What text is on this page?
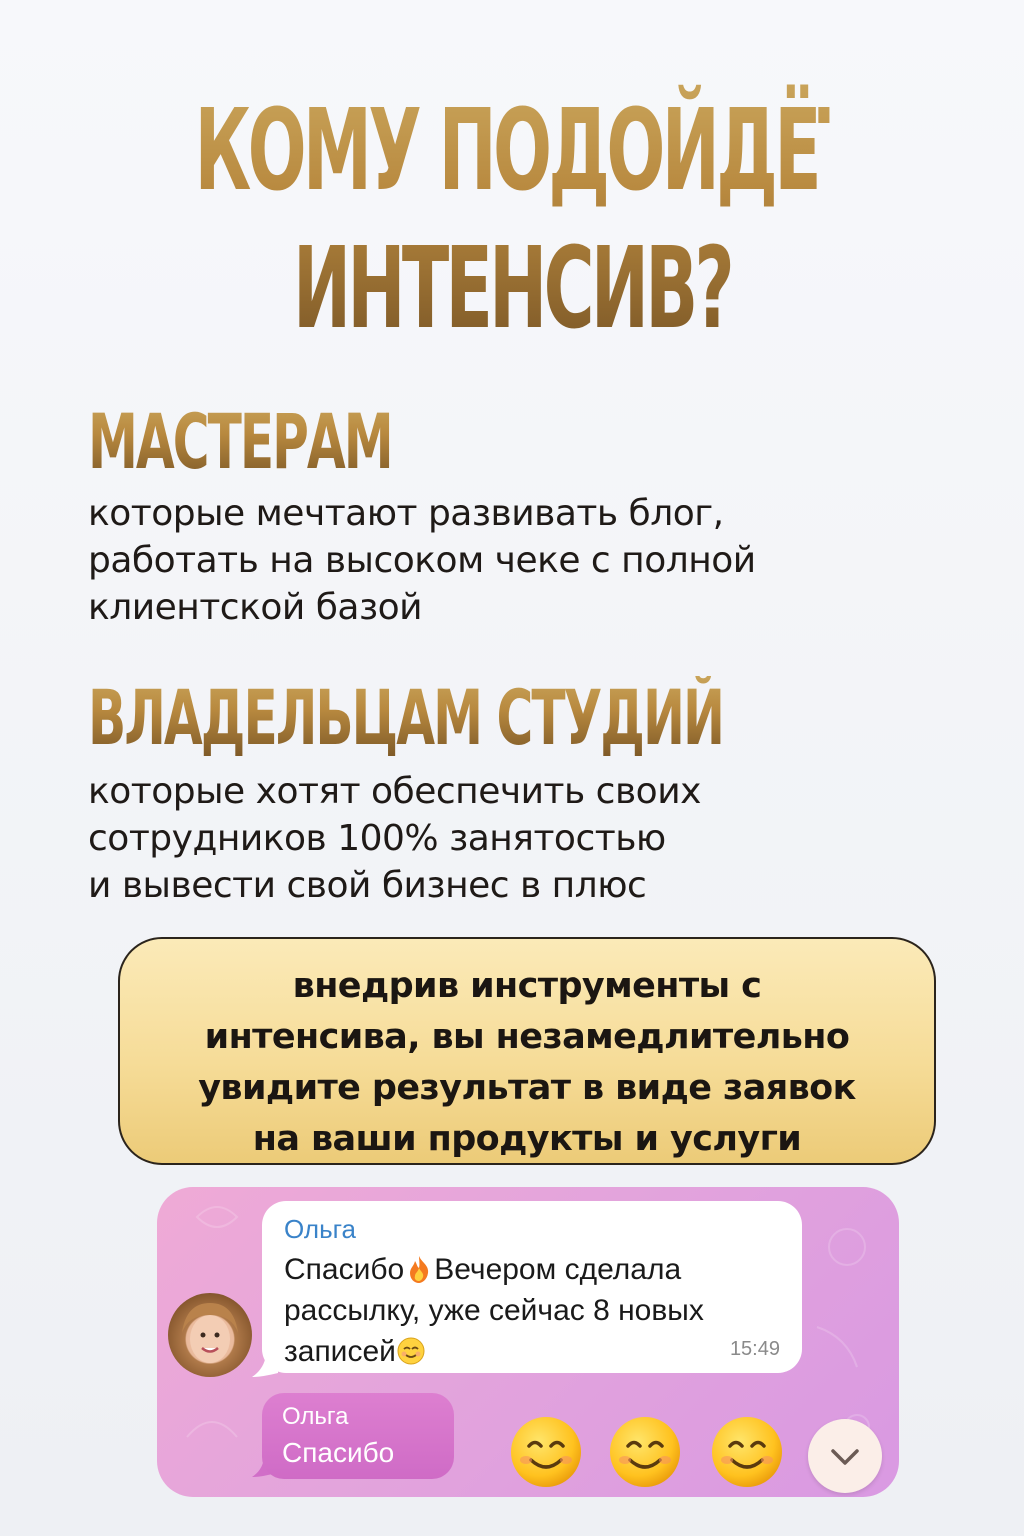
КОМУ ПОДОЙДЁТ
ИНТЕНСИВ?
МАСТЕРАМ
которые мечтают развивать блог,
работать на высоком чеке с полной
клиентской базой
ВЛАДЕЛЬЦАМ СТУДИЙ
которые хотят обеспечить своих
сотрудников 100% занятостью
и вывести свой бизнес в плюс
внедрив инструменты с
интенсива, вы незамедлительно
увидите результат в виде заявок
на ваши продукты и услуги
Ольга
Спасибо Вечером сделала
рассылку, уже сейчас 8 новых
записей	15:49
Ольга
Спасибо
